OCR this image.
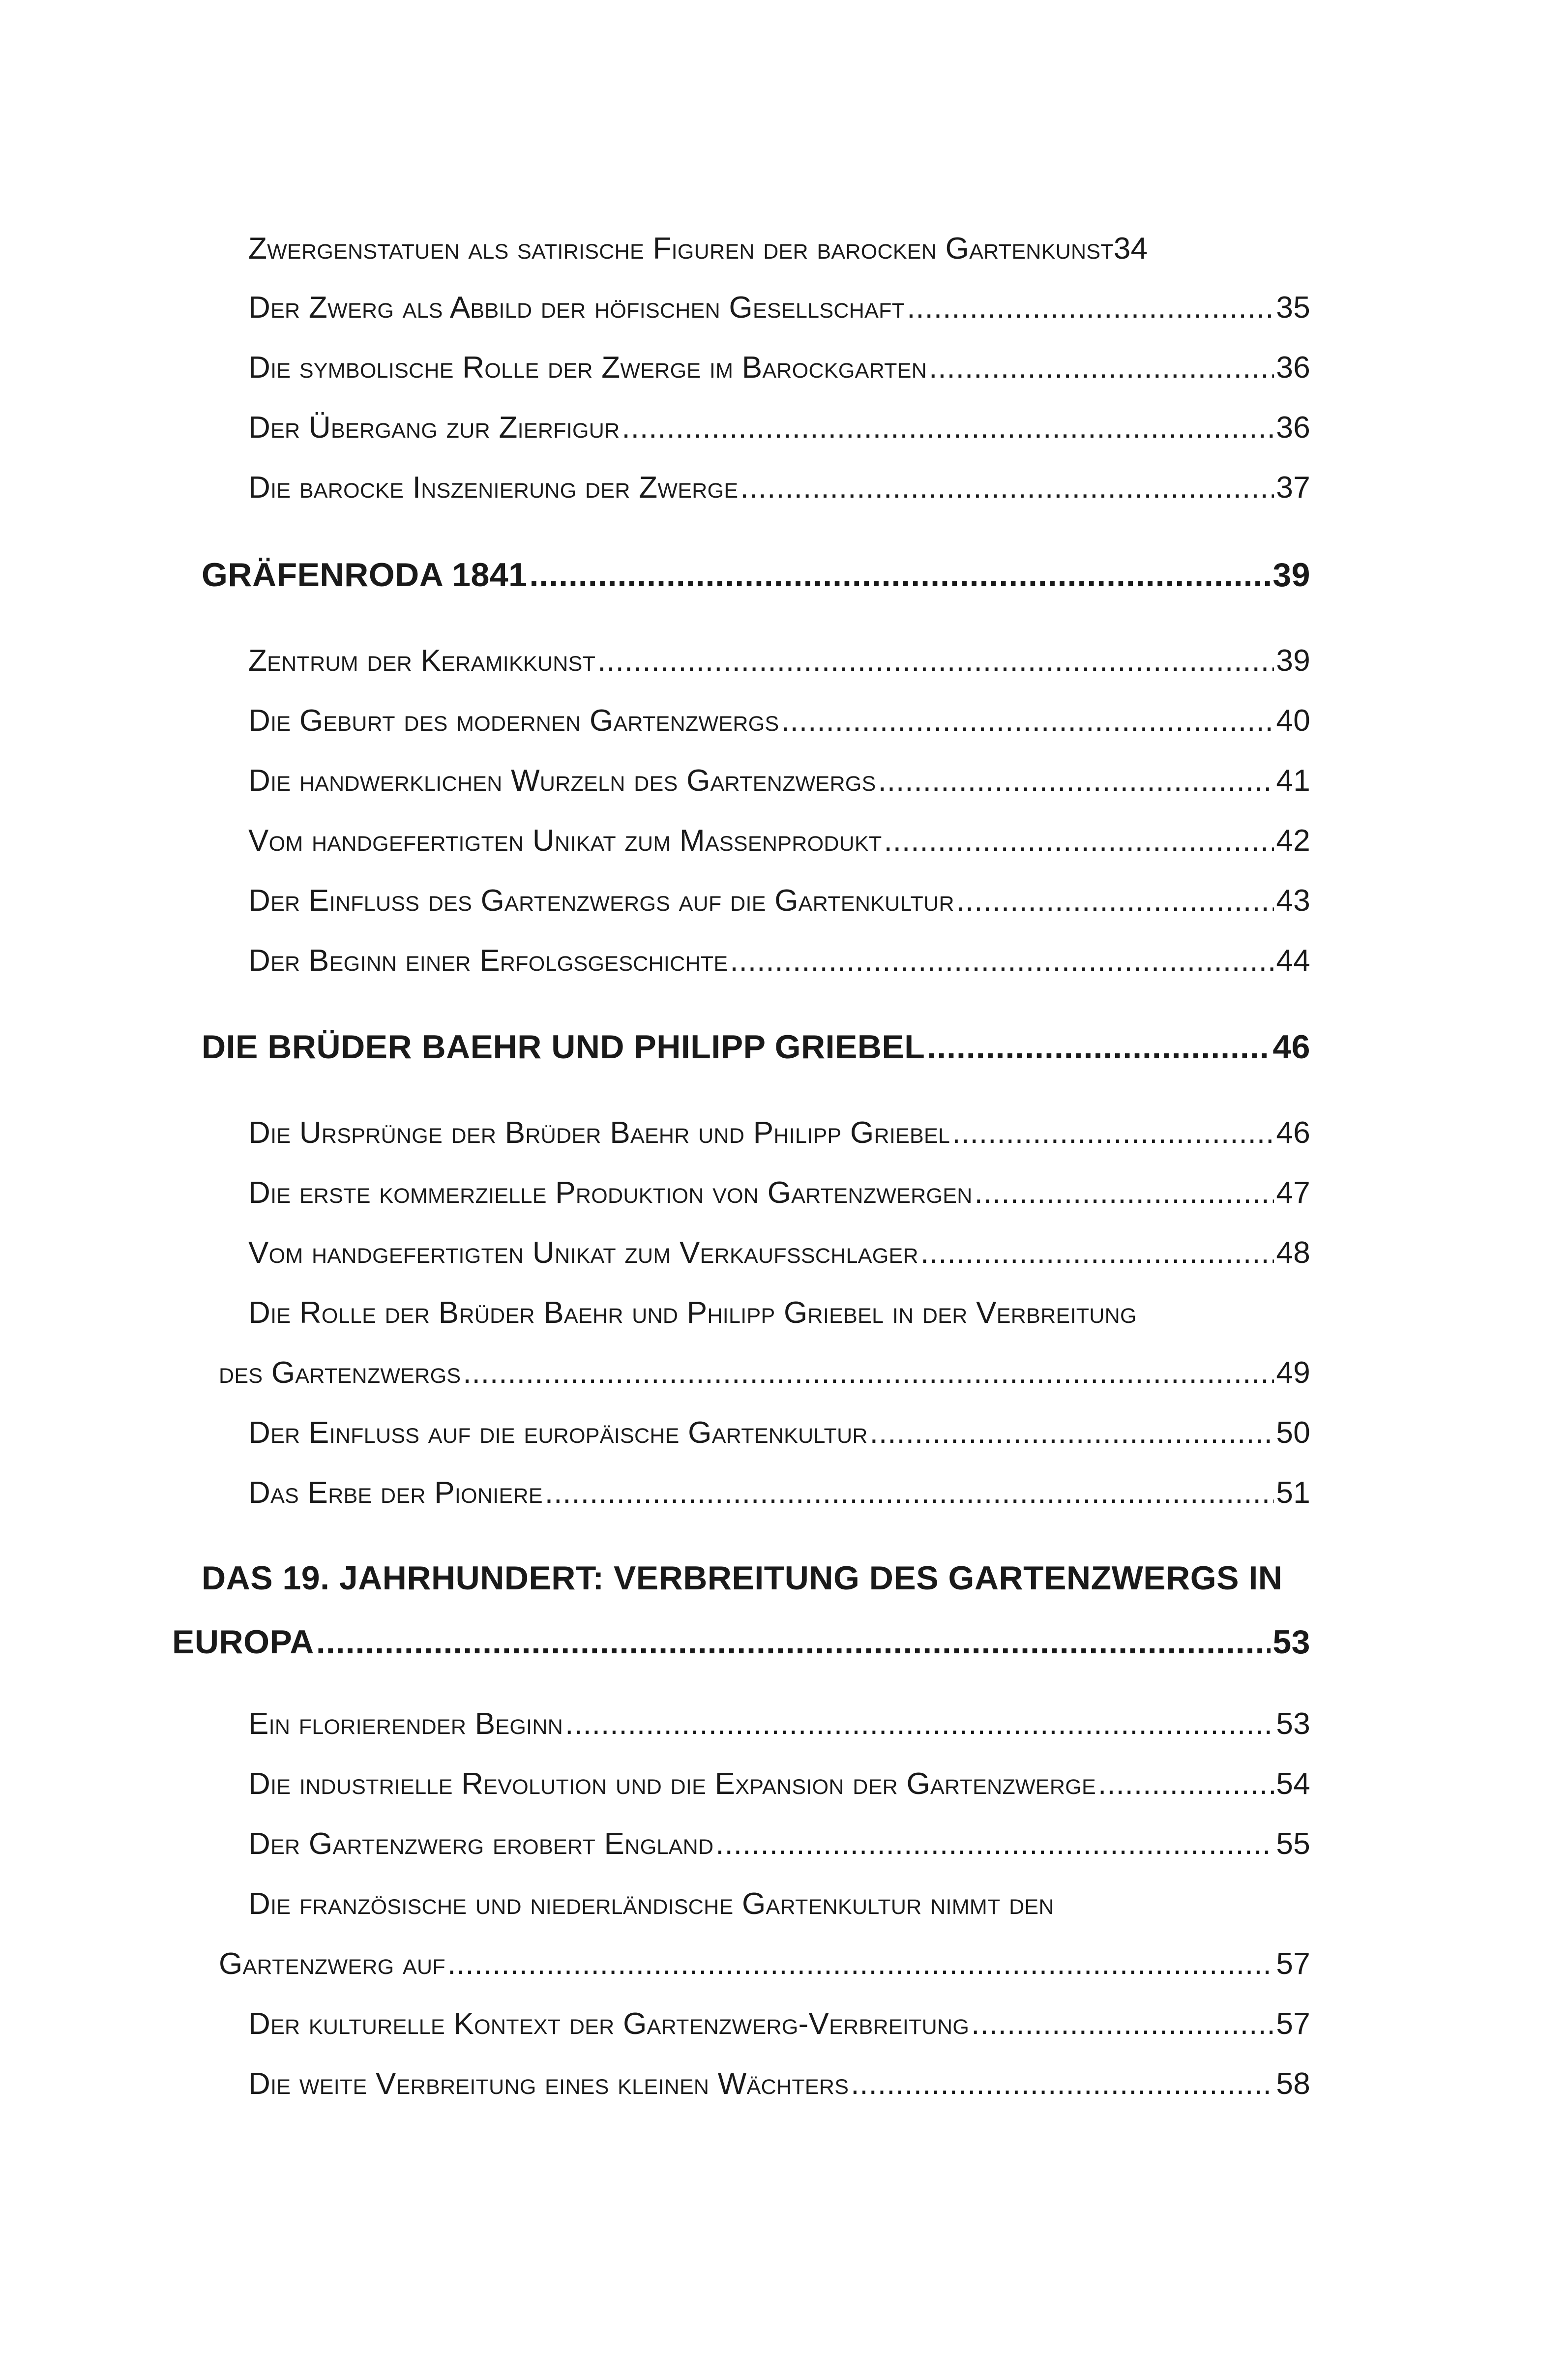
Zwergenstatuen als satirische Figuren der barocken Gartenkunst 34
Der Zwerg als Abbild der höfischen Gesellschaft .....	35
Die symbolische Rolle der Zwerge im Barockgarten .....	36
Der Übergang zur Zierfigur .....	36
Die barocke Inszenierung der Zwerge .....	37
GRÄFENRODA 1841 .....	39
Zentrum der Keramikkunst .....	39
Die Geburt des modernen Gartenzwergs .....	40
Die handwerklichen Wurzeln des Gartenzwergs .....	41
Vom handgefertigten Unikat zum Massenprodukt .....	42
Der Einfluss des Gartenzwergs auf die Gartenkultur .....	43
Der Beginn einer Erfolgsgeschichte .....	44
DIE BRÜDER BAEHR UND PHILIPP GRIEBEL .....	46
Die Ursprünge der Brüder Baehr und Philipp Griebel .....	46
Die erste kommerzielle Produktion von Gartenzwergen .....	47
Vom handgefertigten Unikat zum Verkaufsschlager .....	48
Die Rolle der Brüder Baehr und Philipp Griebel in der Verbreitung
des Gartenzwergs .....	49
Der Einfluss auf die europäische Gartenkultur .....	50
Das Erbe der Pioniere .....	51
DAS 19. JAHRHUNDERT: VERBREITUNG DES GARTENZWERGS IN
EUROPA .....	53
Ein florierender Beginn .....	53
Die industrielle Revolution und die Expansion der Gartenzwerge .....	54
Der Gartenzwerg erobert England .....	55
Die französische und niederländische Gartenkultur nimmt den
Gartenzwerg auf .....	57
Der kulturelle Kontext der Gartenzwerg-Verbreitung .....	57
Die weite Verbreitung eines kleinen Wächters .....	58
